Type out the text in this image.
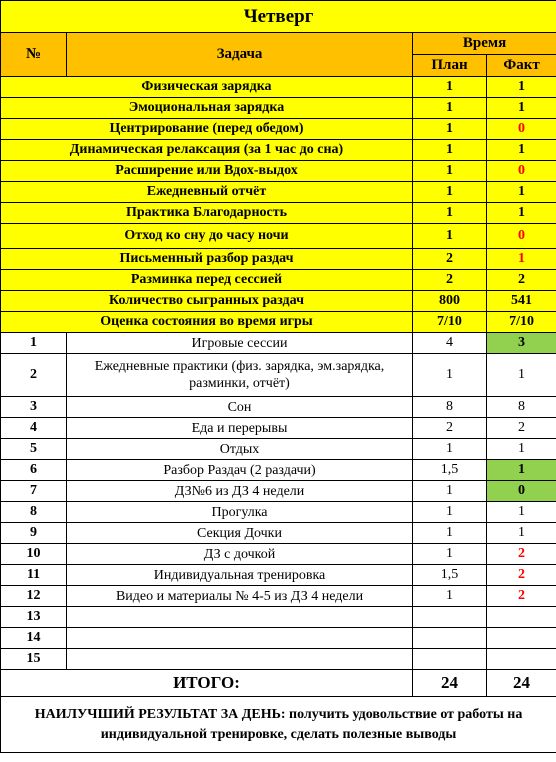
Четверг			
№	Задача	Время	
		План	Факт
Физическая зарядка		1	1
Эмоциональная зарядка		1	1
Центрирование (перед обедом)		1	0
Динамическая релаксация (за 1 час до сна)		1	1
Расширение или Вдох-выдох		1	0
Ежедневный отчёт		1	1
Практика Благодарность		1	1
Отход ко сну до часу ночи		1	0
Письменный разбор раздач		2	1
Разминка перед сессией		2	2
Количество сыгранных раздач		800	541
Оценка состояния во время игры		7/10	7/10
1	Игровые сессии	4	3
2	Ежедневные практики (физ. зарядка, эм.зарядка, разминки, отчёт)	1	1
3	Сон	8	8
4	Еда и перерывы	2	2
5	Отдых	1	1
6	Разбор Раздач (2 раздачи)	1,5	1
7	ДЗ№6 из ДЗ 4 недели	1	0
8	Прогулка	1	1
9	Секция Дочки	1	1
10	ДЗ с дочкой	1	2
11	Индивидуальная тренировка	1,5	2
12	Видео и материалы № 4-5 из ДЗ 4 недели	1	2
13			
14			
15			
ИТОГО:		24	24
НАИЛУЧШИЙ РЕЗУЛЬТАТ ЗА ДЕНЬ: получить удовольствие от работы на индивидуальной тренировке, сделать полезные выводы			
